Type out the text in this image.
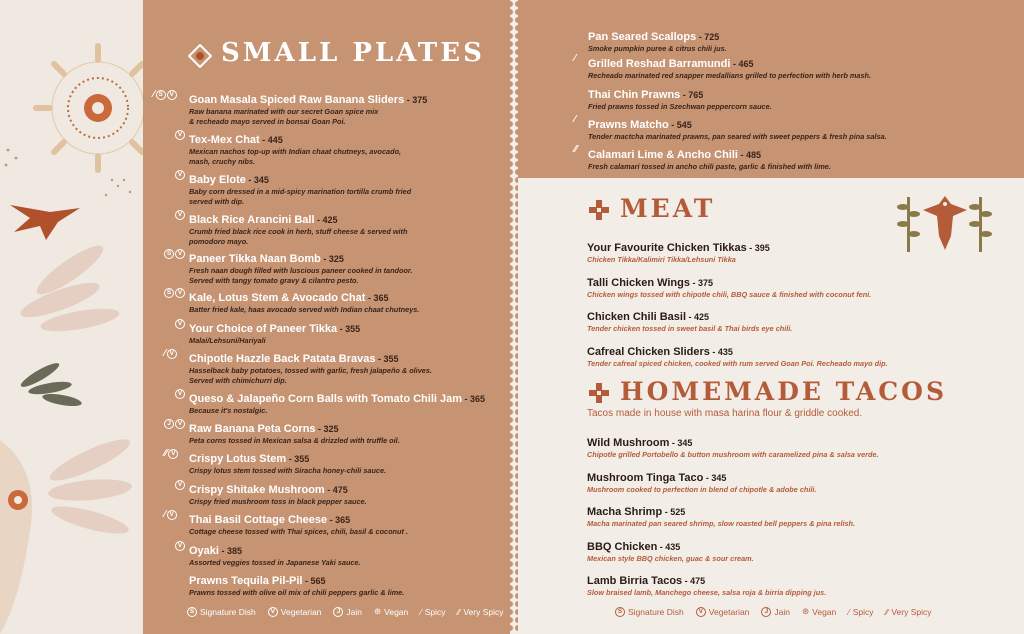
SMALL PLATES
Goan Masala Spiced Raw Banana Sliders - 375
Raw banana marinated with our secret Goan spice mix
& recheado mayo served in bonsai Goan Poi.
⁄ S	V
Tex-Mex Chat - 445
Mexican nachos top-up with Indian chaat chutneys, avocado,
mash, cruchy nibs.
V
Baby Elote - 345
Baby corn dressed in a mid-spicy marination tortilla crumb fried
served with dip.
V
Black Rice Arancini Ball - 425
Crumb fried black rice cook in herb, stuff cheese & served with
pomodoro mayo.
V
Paneer Tikka Naan Bomb - 325
Fresh naan dough filled with luscious paneer cooked in tandoor.
Served with tangy tomato gravy & cilantro pesto.
S	V
Kale, Lotus Stem & Avocado Chat - 365
Batter fried kale, haas avocado served with Indian chaat chutneys.
S	V
Your Choice of Paneer Tikka - 355
Malai/Lehsuni/Hariyali
V
Chipotle Hazzle Back Patata Bravas - 355
Hasselback baby potatoes, tossed with garlic, fresh jalapeño & olives.
Served with chimichurri dip.
⁄ V
Queso & Jalapeño Corn Balls with Tomato Chili Jam - 365
Because it's nostalgic.
V
Raw Banana Peta Corns - 325
Peta corns tossed in Mexican salsa & drizzled with truffle oil.
J	V
Crispy Lotus Stem - 355
Crispy lotus stem tossed with Siracha honey-chili sauce.
⁄⁄ V
Crispy Shitake Mushroom - 475
Crispy fried mushroom toss in black pepper sauce.
V
Thai Basil Cottage Cheese - 365
Cottage cheese tossed with Thai spices, chili, basil & coconut .
⁄ V
Oyaki - 385
Assorted veggies tossed in Japanese Yaki sauce.
V
Prawns Tequila Pil-Pil - 565
Prawns tossed with olive oil mix of chili peppers garlic & lime.
Pan Seared Scallops - 725
Smoke pumpkin puree & citrus chili jus.
Grilled Reshad Barramundi - 465
Recheado marinated red snapper medallians grilled to perfection with herb mash.
⁄
Thai Chin Prawns - 765
Fried prawns tossed in Szechwan peppercorn sauce.
Prawns Matcho - 545
Tender mactcha marinated prawns, pan seared with sweet peppers & fresh pina salsa.
⁄
Calamari Lime & Ancho Chili - 485
Fresh calamari tossed in ancho chili paste, garlic & finished with lime.
⁄⁄
MEAT
Your Favourite Chicken Tikkas - 395
Chicken Tikka/Kalimiri Tikka/Lehsuni Tikka
Talli Chicken Wings - 375
Chicken wings tossed with chipotle chili, BBQ sauce & finished with coconut feni.
Chicken Chili Basil - 425
Tender chicken tossed in sweet basil & Thai birds eye chili.
Cafreal Chicken Sliders - 435
Tender cafreal spiced chicken, cooked with rum served Goan Poi. Recheado mayo dip.
HOMEMADE TACOS
Tacos made in house with masa harina flour & griddle cooked.
Wild Mushroom - 345
Chipotle grilled Portobello & button mushroom with caramelized pina & salsa verde.
Mushroom Tinga Taco - 345
Mushroom cooked to perfection in blend of chipotle & adobe chili.
Macha Shrimp - 525
Macha marinated pan seared shrimp, slow roasted bell peppers & pina relish.
BBQ Chicken - 435
Mexican style BBQ chicken, guac & sour cream.
Lamb Birria Tacos - 475
Slow braised lamb, Manchego cheese, salsa roja & birria dipping jus.
S Signature Dish	V Vegetarian	J Jain ⊛ Vegan ⁄ Spicy ⁄⁄ Very Spicy	S Signature Dish	V Vegetarian	J Jain ⊛ Vegan ⁄ Spicy ⁄⁄ Very Spicy
